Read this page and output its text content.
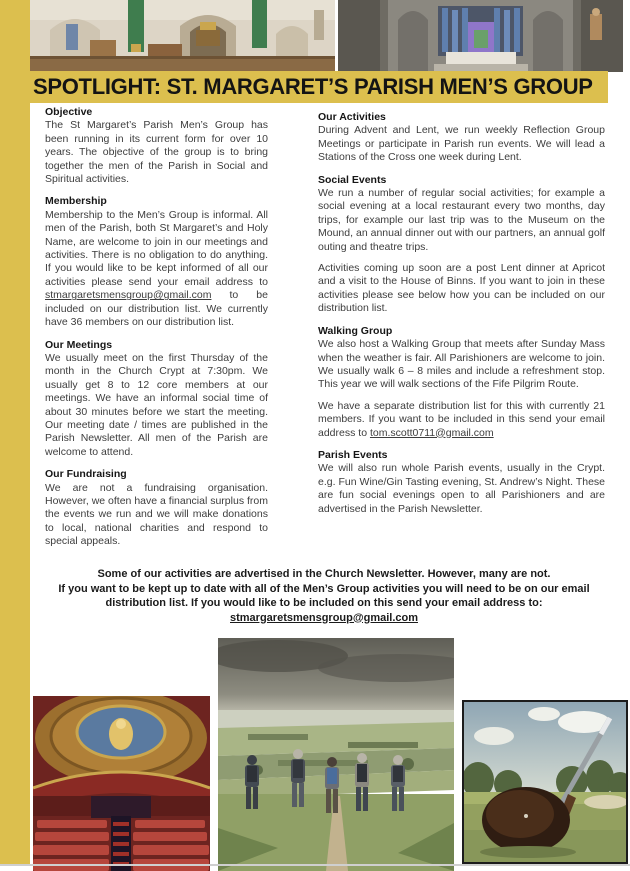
SPOTLIGHT: ST. MARGARET’S PARISH MEN’S GROUP
Objective

The St Margaret’s Parish Men’s Group has been running in its current form for over 10 years. The objective of the group is to bring together the men of the Parish in Social and Spiritual activities.

Membership

Membership to the Men’s Group is informal. All men of the Parish, both St Margaret’s and Holy Name, are welcome to join in our meetings and activities. There is no obligation to do anything. If you would like to be kept informed of all our activities please send your email address to stmargaretsmensgroup@gmail.com to be included on our distribution list. We currently have 36 members on our distribution list.

Our Meetings

We usually meet on the first Thursday of the month in the Church Crypt at 7:30pm. We usually get 8 to 12 core members at our meetings. We have an informal social time of about 30 minutes before we start the meeting. Our meeting date / times are published in the Parish Newsletter. All men of the Parish are welcome to attend.

Our Fundraising

We are not a fundraising organisation. However, we often have a financial surplus from the events we run and we will make donations to local, national charities and respond to special appeals.

Our Activities

During Advent and Lent, we run weekly Reflection Group Meetings or participate in Parish run events. We will lead a Stations of the Cross one week during Lent.

Social Events

We run a number of regular social activities; for example a social evening at a local restaurant every two months, day trips, for example our last trip was to the Museum on the Mound, an annual dinner out with our partners, an annual golf outing and theatre trips.

Activities coming up soon are a post Lent dinner at Apricot and a visit to the House of Binns. If you want to join in these activities please see below how you can be included on our distribution list.

Walking Group

We also host a Walking Group that meets after Sunday Mass when the weather is fair. All Parishioners are welcome to join. We usually walk 6 – 8 miles and include a refreshment stop. This year we will walk sections of the Fife Pilgrim Route.

We have a separate distribution list for this with currently 21 members. If you want to be included in this send your email address to tom.scott0711@gmail.com

Parish Events

We will also run whole Parish events, usually in the Crypt. e.g. Fun Wine/Gin Tasting evening, St. Andrew’s Night. These are fun social evenings open to all Parishioners and are advertised in the Parish Newsletter.

Some of our activities are advertised in the Church Newsletter. However, many are not.
If you want to be kept up to date with all of the Men’s Group activities you will need to be on our email distribution list. If you would like to be included on this send your email address to:
stmargaretsmensgroup@gmail.com
